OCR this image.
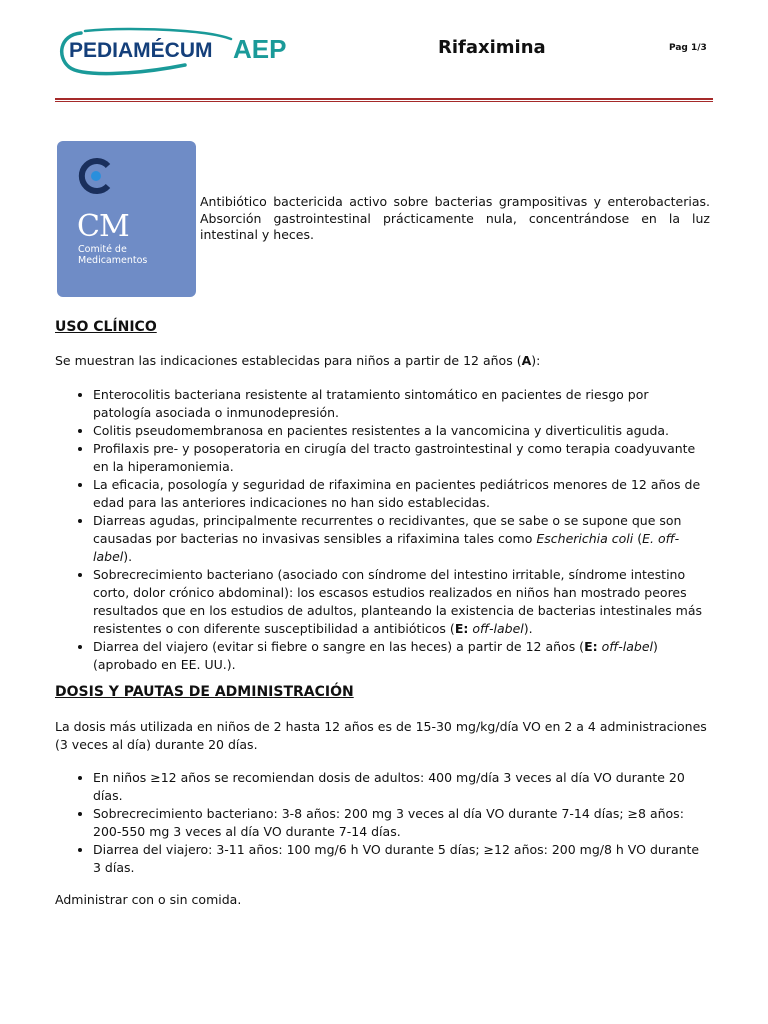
PEDIAMÉCUM AEP	Rifaximina	Pag 1/3
CM
Comité de
Medicamentos

Antibiótico bactericida activo sobre bacterias grampositivas y enterobacterias. Absorción gastrointestinal prácticamente nula, concentrándose en la luz intestinal y heces.

USO CLÍNICO

Se muestran las indicaciones establecidas para niños a partir de 12 años (A):

• Enterocolitis bacteriana resistente al tratamiento sintomático en pacientes de riesgo por patología asociada o inmunodepresión.
• Colitis pseudomembranosa en pacientes resistentes a la vancomicina y diverticulitis aguda.
• Profilaxis pre- y posoperatoria en cirugía del tracto gastrointestinal y como terapia coadyuvante en la hiperamoniemia.
• La eficacia, posología y seguridad de rifaximina en pacientes pediátricos menores de 12 años de edad para las anteriores indicaciones no han sido establecidas.
• Diarreas agudas, principalmente recurrentes o recidivantes, que se sabe o se supone que son causadas por bacterias no invasivas sensibles a rifaximina tales como Escherichia coli (E. off-label).
• Sobrecrecimiento bacteriano (asociado con síndrome del intestino irritable, síndrome intestino corto, dolor crónico abdominal): los escasos estudios realizados en niños han mostrado peores resultados que en los estudios de adultos, planteando la existencia de bacterias intestinales más resistentes o con diferente susceptibilidad a antibióticos (E: off-label).
• Diarrea del viajero (evitar si fiebre o sangre en las heces) a partir de 12 años (E: off-label) (aprobado en EE. UU.).
DOSIS Y PAUTAS DE ADMINISTRACIÓN

La dosis más utilizada en niños de 2 hasta 12 años es de 15-30 mg/kg/día VO en 2 a 4 administraciones (3 veces al día) durante 20 días.

• En niños ≥12 años se recomiendan dosis de adultos: 400 mg/día 3 veces al día VO durante 20 días.
• Sobrecrecimiento bacteriano: 3-8 años: 200 mg 3 veces al día VO durante 7-14 días; ≥8 años: 200-550 mg 3 veces al día VO durante 7-14 días.
• Diarrea del viajero: 3-11 años: 100 mg/6 h VO durante 5 días; ≥12 años: 200 mg/8 h VO durante 3 días.

Administrar con o sin comida.
